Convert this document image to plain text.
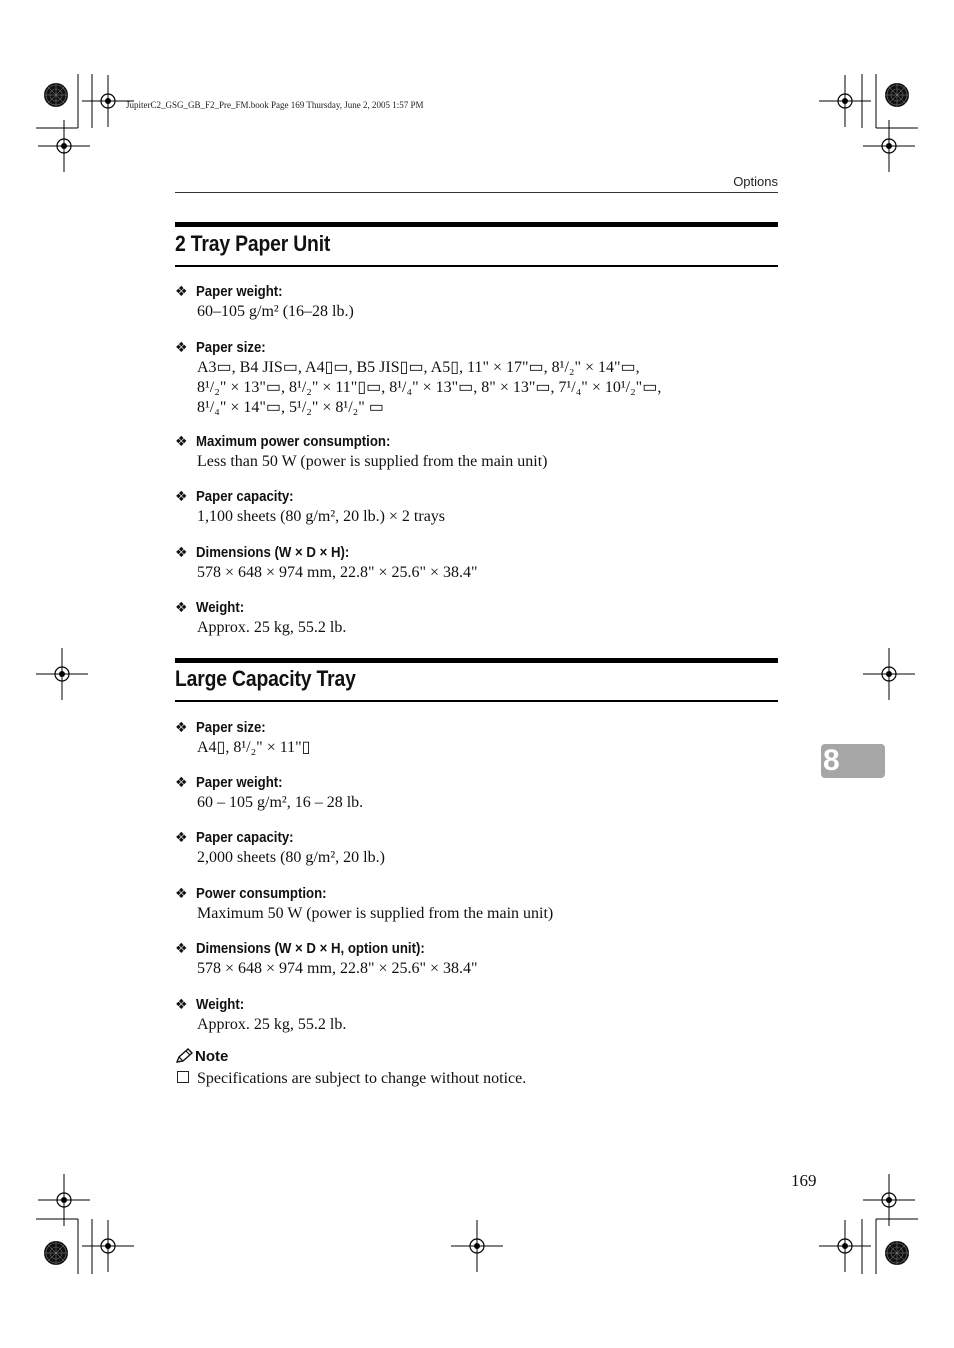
JupiterC2_GSG_GB_F2_Pre_FM.book Page 169 Thursday, June 2, 2005 1:57 PM
Options
2 Tray Paper Unit
❖ Paper weight:
60–105 g/m² (16–28 lb.)
❖ Paper size:
A3▭, B4 JIS▭, A4▯▭, B5 JIS▯▭, A5▯, 11" × 17"▭, 8¹/₂" × 14"▭,
8¹/₂" × 13"▭, 8¹/₂" × 11"▯▭, 8¹/₄" × 13"▭, 8" × 13"▭, 7¹/₄" × 10¹/₂"▭,
8¹/₄" × 14"▭, 5¹/₂" × 8¹/₂" ▭
❖ Maximum power consumption:
Less than 50 W (power is supplied from the main unit)
❖ Paper capacity:
1,100 sheets (80 g/m², 20 lb.) × 2 trays
❖ Dimensions (W × D × H):
578 × 648 × 974 mm, 22.8" × 25.6" × 38.4"
❖ Weight:
Approx. 25 kg, 55.2 lb.
Large Capacity Tray
❖ Paper size:
A4▯, 8¹/₂" × 11"▯
❖ Paper weight:
60 – 105 g/m², 16 – 28 lb.
❖ Paper capacity:
2,000 sheets (80 g/m², 20 lb.)
❖ Power consumption:
Maximum 50 W (power is supplied from the main unit)
❖ Dimensions (W × D × H, option unit):
578 × 648 × 974 mm, 22.8" × 25.6" × 38.4"
❖ Weight:
Approx. 25 kg, 55.2 lb.
Note
Specifications are subject to change without notice.
8
169
